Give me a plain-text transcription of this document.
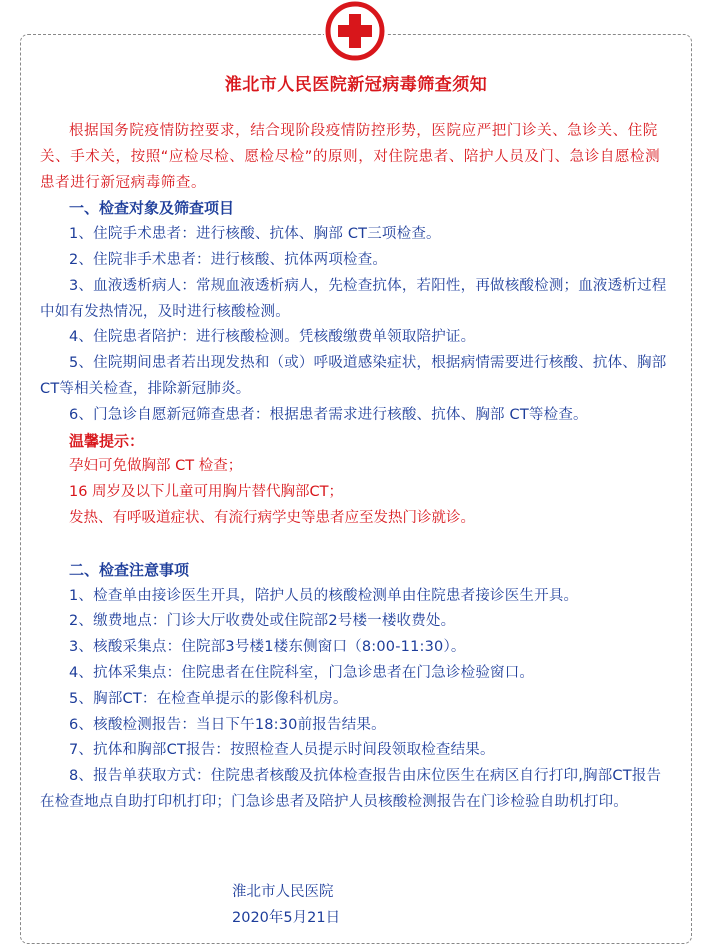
淮北市人民医院新冠病毒筛查须知

根据国务院疫情防控要求，结合现阶段疫情防控形势，医院应严把门诊关、急诊关、住院关、手术关，按照“应检尽检、愿检尽检”的原则，对住院患者、陪护人员及门、急诊自愿检测患者进行新冠病毒筛查。

一、检查对象及筛查项目

1、住院手术患者：进行核酸、抗体、胸部 CT三项检查。

2、住院非手术患者：进行核酸、抗体两项检查。

3、血液透析病人：常规血液透析病人，先检查抗体，若阳性，再做核酸检测；血液透析过程中如有发热情况，及时进行核酸检测。

4、住院患者陪护：进行核酸检测。凭核酸缴费单领取陪护证。

5、住院期间患者若出现发热和（或）呼吸道感染症状，根据病情需要进行核酸、抗体、胸部 CT等相关检查，排除新冠肺炎。

6、门急诊自愿新冠筛查患者：根据患者需求进行核酸、抗体、胸部 CT等检查。

温馨提示：

孕妇可免做胸部 CT 检查；

16 周岁及以下儿童可用胸片替代胸部CT；

发热、有呼吸道症状、有流行病学史等患者应至发热门诊就诊。

二、检查注意事项

1、检查单由接诊医生开具，陪护人员的核酸检测单由住院患者接诊医生开具。

2、缴费地点：门诊大厅收费处或住院部2号楼一楼收费处。

3、核酸采集点：住院部3号楼1楼东侧窗口（8:00-11:30）。

4、抗体采集点：住院患者在住院科室，门急诊患者在门急诊检验窗口。

5、胸部CT：在检查单提示的影像科机房。

6、核酸检测报告：当日下午18:30前报告结果。

7、抗体和胸部CT报告：按照检查人员提示时间段领取检查结果。

8、报告单获取方式：住院患者核酸及抗体检查报告由床位医生在病区自行打印,胸部CT报告在检查地点自助打印机打印；门急诊患者及陪护人员核酸检测报告在门诊检验自助机打印。

淮北市人民医院

2020年5月21日
